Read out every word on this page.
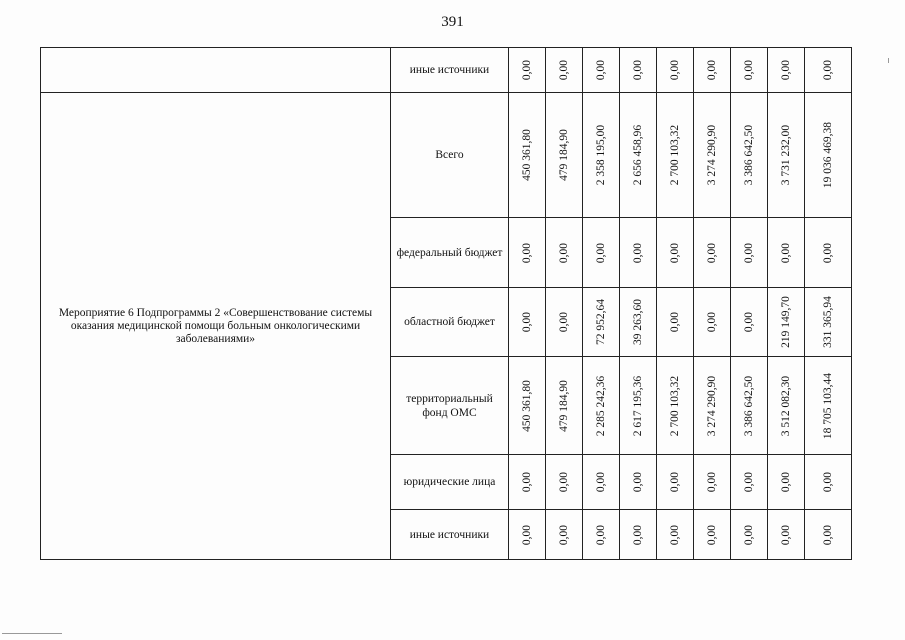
391
	иные источники	0,00	0,00	0,00	0,00	0,00	0,00	0,00	0,00	0,00

Мероприятие 6 Подпрограммы 2 «Совершенствование системы оказания медицинской помощи больным онкологическими заболеваниями»	Всего	450 361,80	479 184,90	2 358 195,00	2 656 458,96	2 700 103,32	3 274 290,90	3 386 642,50	3 731 232,00	19 036 469,38

	федеральный бюджет	0,00	0,00	0,00	0,00	0,00	0,00	0,00	0,00	0,00

	областной бюджет	0,00	0,00	72 952,64	39 263,60	0,00	0,00	0,00	219 149,70	331 365,94

	территориальный фонд ОМС	450 361,80	479 184,90	2 285 242,36	2 617 195,36	2 700 103,32	3 274 290,90	3 386 642,50	3 512 082,30	18 705 103,44

	юридические лица	0,00	0,00	0,00	0,00	0,00	0,00	0,00	0,00	0,00

	иные источники	0,00	0,00	0,00	0,00	0,00	0,00	0,00	0,00	0,00
